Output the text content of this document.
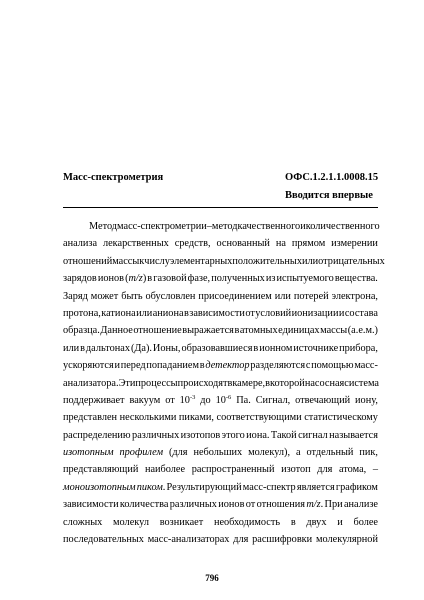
Масс-спектрометрия	ОФС.1.2.1.1.0008.15
Вводится впервые
Метод масс-спектрометрии – метод качественного и количественного
анализа лекарственных средств, основанный на прямом измерении
отношений массы к числу элементарных положительных или отрицательных
зарядов ионов (m/z) в газовой фазе, полученных из испытуемого вещества.
Заряд может быть обусловлен присоединением или потерей электрона,
протона, катиона или аниона в зависимости от условий ионизации и состава
образца. Данное отношение выражается в атомных единицах массы (а.е.м.)
или в дальтонах (Да). Ионы, образовавшиеся в ионном источнике прибора,
ускоряются и перед попаданием в детектор разделяются с помощью масс-
анализатора. Эти процессы происходят в камере, в которой насосная система
поддерживает вакуум от $10^{-3}$ до $10^{-6}$ Па. Сигнал, отвечающий иону,
представлен несколькими пиками, соответствующими статистическому
распределению различных изотопов этого иона. Такой сигнал называется
изотопным профилем (для небольших молекул), а отдельный пик,
представляющий наиболее распространенный изотоп для атома, –
моноизотопным пиком. Результирующий масс-спектр является графиком
зависимости количества различных ионов от отношения m/z. При анализе
сложных молекул возникает необходимость в двух и более
последовательных масс-анализаторах для расшифровки молекулярной
796
